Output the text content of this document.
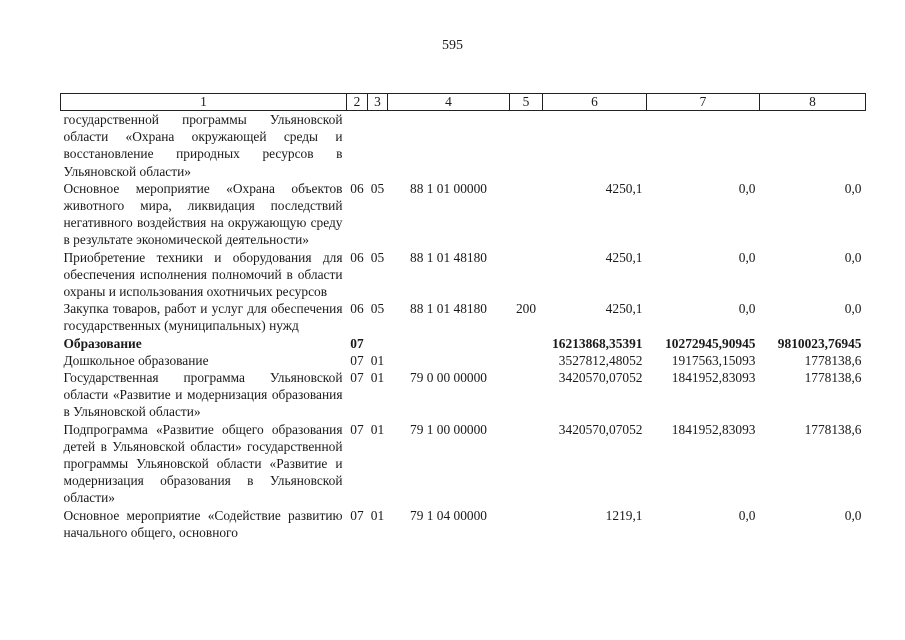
595
1	2	3	4	5	6	7	8
государственной программы Ульяновской области «Охрана окружающей среды и восстановление природных ресурсов в Ульяновской области»							
Основное мероприятие «Охрана объектов животного мира, ликвидация последствий негативного воздействия на окружающую среду в результате экономической деятельности»	06	05	88 1 01 00000		4250,1	0,0	0,0
Приобретение техники и оборудования для обеспечения исполнения полномочий в области охраны и использования охотничьих ресурсов	06	05	88 1 01 48180		4250,1	0,0	0,0
Закупка товаров, работ и услуг для обеспечения государственных (муниципальных) нужд	06	05	88 1 01 48180	200	4250,1	0,0	0,0
Образование	07				16213868,35391	10272945,90945	9810023,76945
Дошкольное образование	07	01			3527812,48052	1917563,15093	1778138,6
Государственная программа Ульяновской области «Развитие и модернизация образования в Ульяновской области»	07	01	79 0 00 00000		3420570,07052	1841952,83093	1778138,6
Подпрограмма «Развитие общего образования детей в Ульяновской области» государственной программы Ульяновской области «Развитие и модернизация образования в Ульяновской области»	07	01	79 1 00 00000		3420570,07052	1841952,83093	1778138,6
Основное мероприятие «Содействие развитию начального общего, основного	07	01	79 1 04 00000		1219,1	0,0	0,0
